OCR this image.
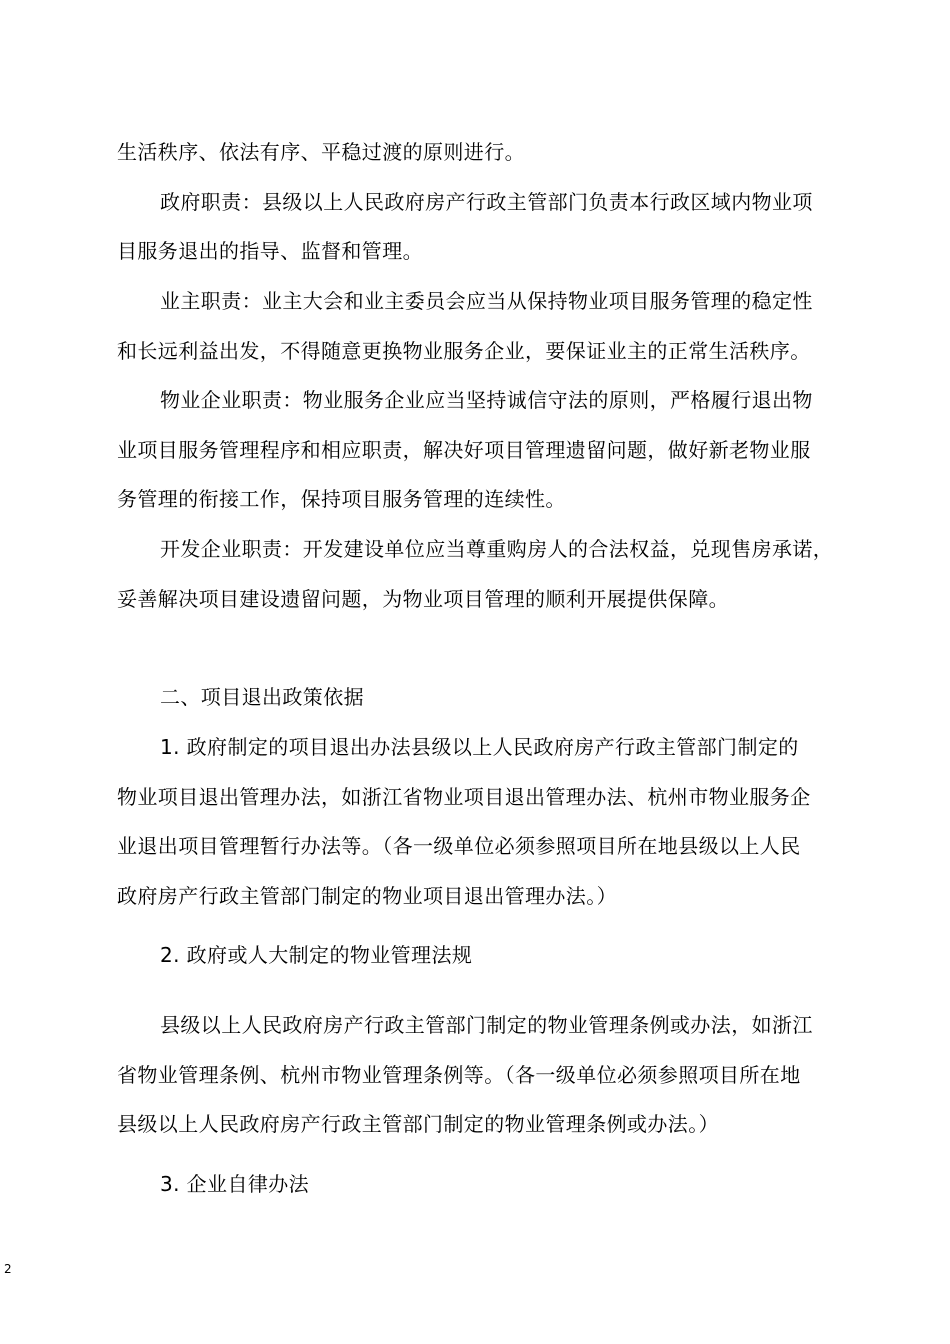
生活秩序、依法有序、平稳过渡的原则进行。
政府职责：县级以上人民政府房产行政主管部门负责本行政区域内物业项
目服务退出的指导、监督和管理。
业主职责：业主大会和业主委员会应当从保持物业项目服务管理的稳定性
和长远利益出发，不得随意更换物业服务企业，要保证业主的正常生活秩序。
物业企业职责：物业服务企业应当坚持诚信守法的原则，严格履行退出物
业项目服务管理程序和相应职责，解决好项目管理遗留问题，做好新老物业服
务管理的衔接工作，保持项目服务管理的连续性。
开发企业职责：开发建设单位应当尊重购房人的合法权益，兑现售房承诺，
妥善解决项目建设遗留问题，为物业项目管理的顺利开展提供保障。
二、项目退出政策依据
1. 政府制定的项目退出办法县级以上人民政府房产行政主管部门制定的
物业项目退出管理办法，如浙江省物业项目退出管理办法、杭州市物业服务企
业退出项目管理暂行办法等。（各一级单位必须参照项目所在地县级以上人民
政府房产行政主管部门制定的物业项目退出管理办法。）
2. 政府或人大制定的物业管理法规
县级以上人民政府房产行政主管部门制定的物业管理条例或办法，如浙江
省物业管理条例、杭州市物业管理条例等。（各一级单位必须参照项目所在地
县级以上人民政府房产行政主管部门制定的物业管理条例或办法。）
3. 企业自律办法
2
